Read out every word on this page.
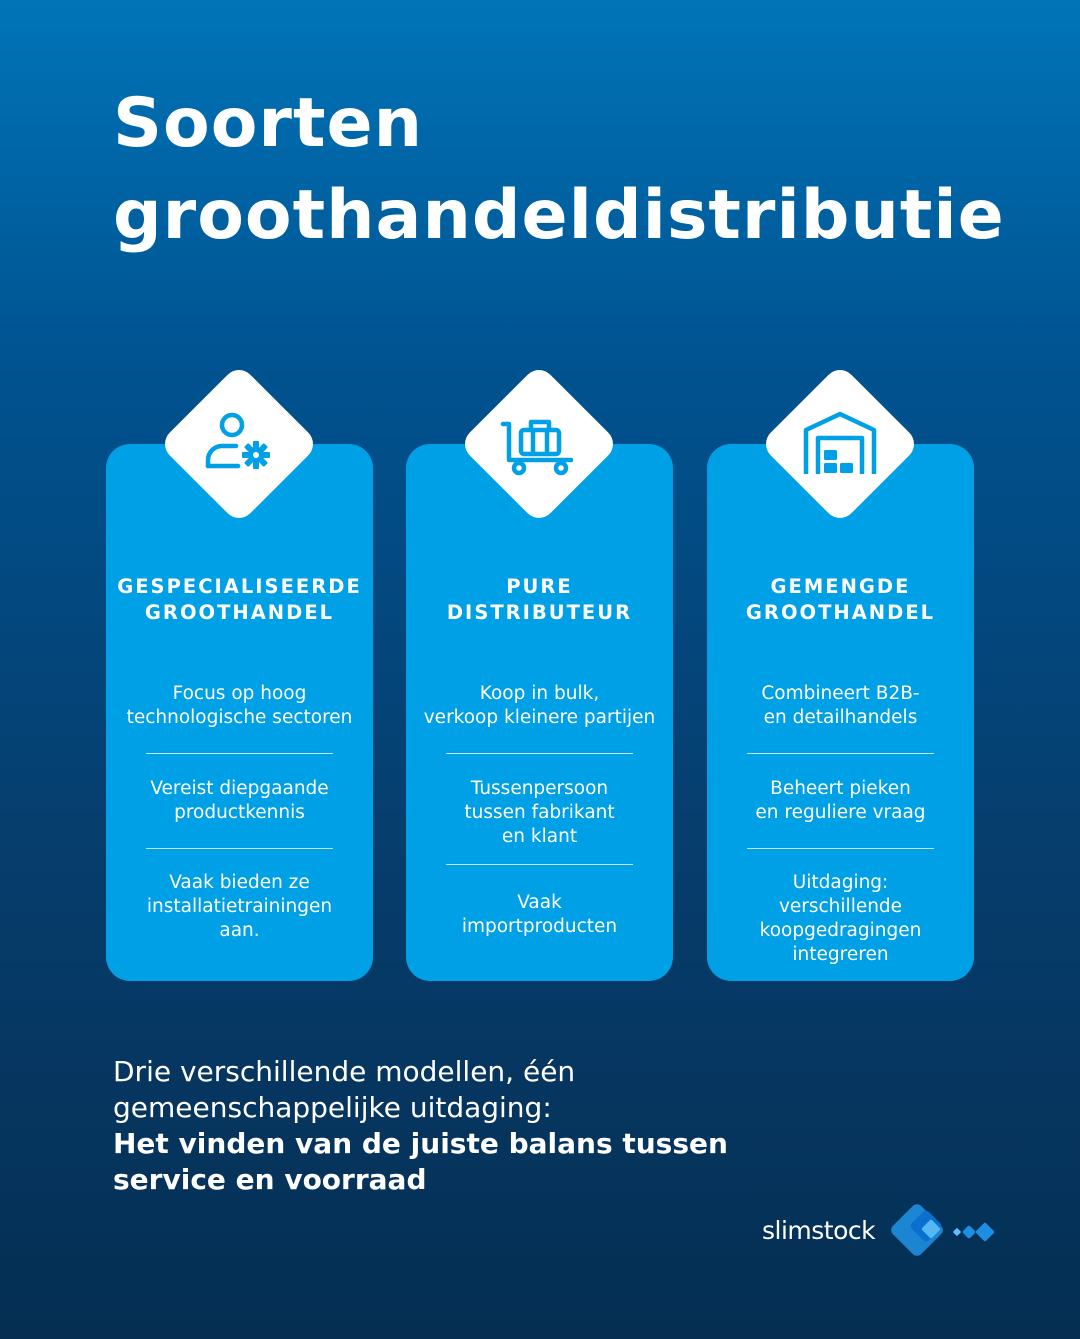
Soorten
groothandeldistributie
GESPECIALISEERDE
GROOTHANDEL
Focus op hoog
technologische sectoren
Vereist diepgaande
productkennis
Vaak bieden ze
installatietrainingen
aan.
PURE
DISTRIBUTEUR
Koop in bulk,
verkoop kleinere partijen
Tussenpersoon
tussen fabrikant
en klant
Vaak
importproducten
GEMENGDE
GROOTHANDEL
Combineert B2B-
en detailhandels
Beheert pieken
en reguliere vraag
Uitdaging:
verschillende
koopgedragingen
integreren

Drie verschillende modellen, één
gemeenschappelijke uitdaging:
Het vinden van de juiste balans tussen
service en voorraad

slimstock
